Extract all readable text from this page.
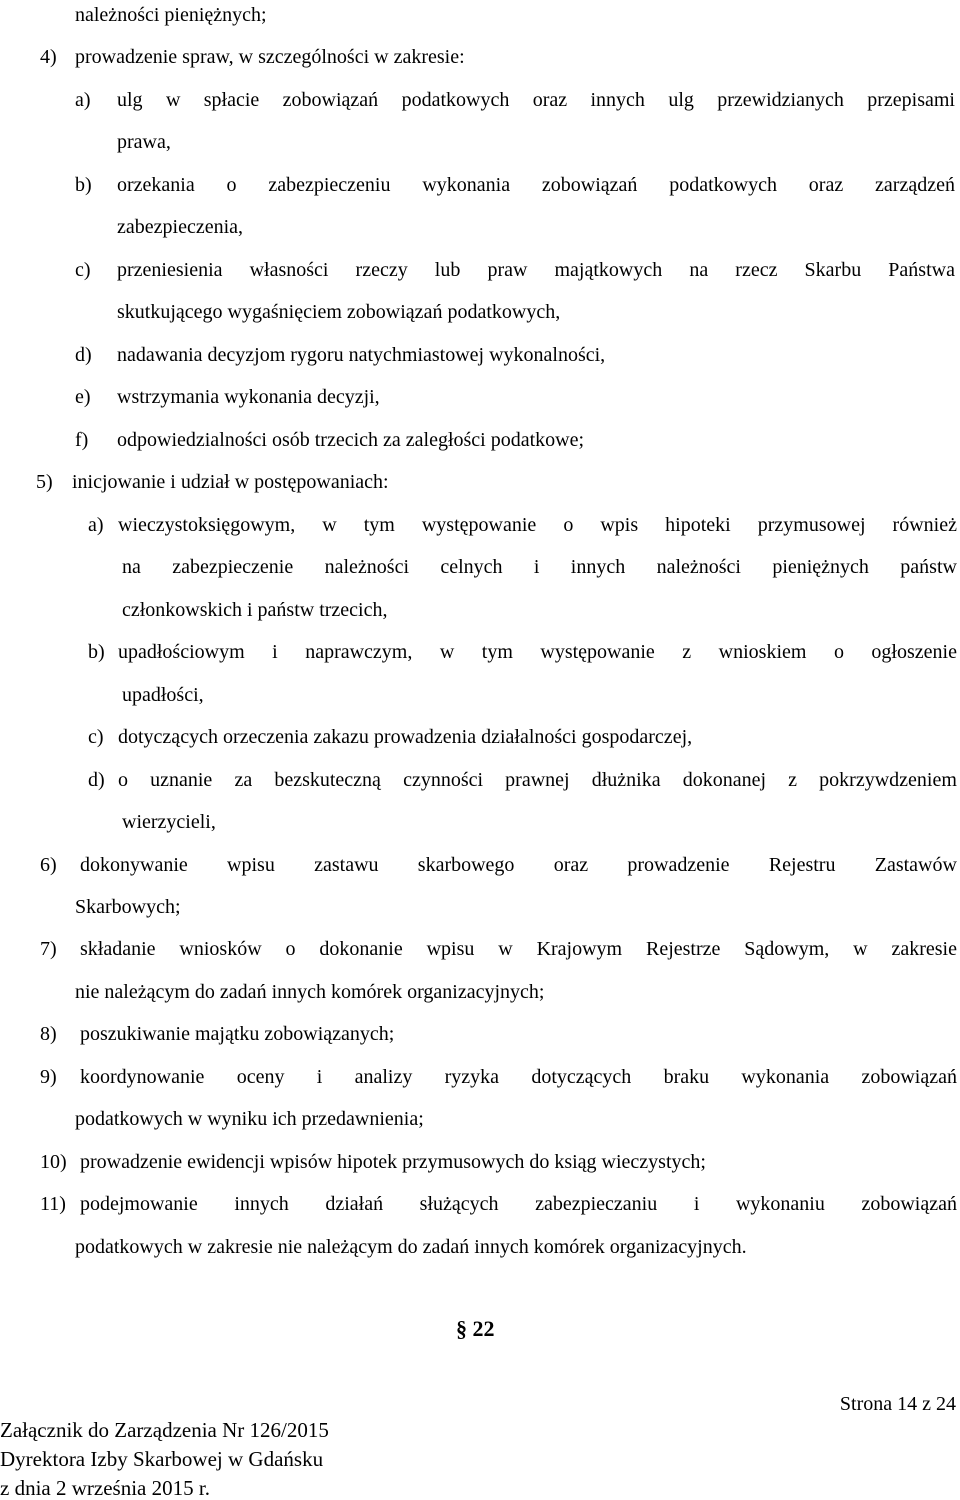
należności pieniężnych;
4) prowadzenie spraw, w szczególności w zakresie:
a) ulg w spłacie zobowiązań podatkowych oraz innych ulg przewidzianych przepisami
prawa,
b) orzekania o zabezpieczeniu wykonania zobowiązań podatkowych oraz zarządzeń
zabezpieczenia,
c) przeniesienia własności rzeczy lub praw majątkowych na rzecz Skarbu Państwa
skutkującego wygaśnięciem zobowiązań podatkowych,
d) nadawania decyzjom rygoru natychmiastowej wykonalności,
e) wstrzymania wykonania decyzji,
f) odpowiedzialności osób trzecich za zaległości podatkowe;
5) inicjowanie i udział w postępowaniach:
a) wieczystoksięgowym, w tym występowanie o wpis hipoteki przymusowej również
na zabezpieczenie należności celnych i innych należności pieniężnych państw
członkowskich i państw trzecich,
b) upadłościowym i naprawczym, w tym występowanie z wnioskiem o ogłoszenie
upadłości,
c) dotyczących orzeczenia zakazu prowadzenia działalności gospodarczej,
d) o uznanie za bezskuteczną czynności prawnej dłużnika dokonanej z pokrzywdzeniem
wierzycieli,
6) dokonywanie wpisu zastawu skarbowego oraz prowadzenie Rejestru Zastawów
Skarbowych;
7) składanie wniosków o dokonanie wpisu w Krajowym Rejestrze Sądowym, w zakresie
nie należącym do zadań innych komórek organizacyjnych;
8) poszukiwanie majątku zobowiązanych;
9) koordynowanie oceny i analizy ryzyka dotyczących braku wykonania zobowiązań
podatkowych w wyniku ich przedawnienia;
10) prowadzenie ewidencji wpisów hipotek przymusowych do ksiąg wieczystych;
11) podejmowanie innych działań służących zabezpieczaniu i wykonaniu zobowiązań
podatkowych w zakresie nie należącym do zadań innych komórek organizacyjnych.
§ 22
Strona 14 z 24
Załącznik do Zarządzenia Nr 126/2015
Dyrektora Izby Skarbowej w Gdańsku
z dnia 2 września 2015 r.
